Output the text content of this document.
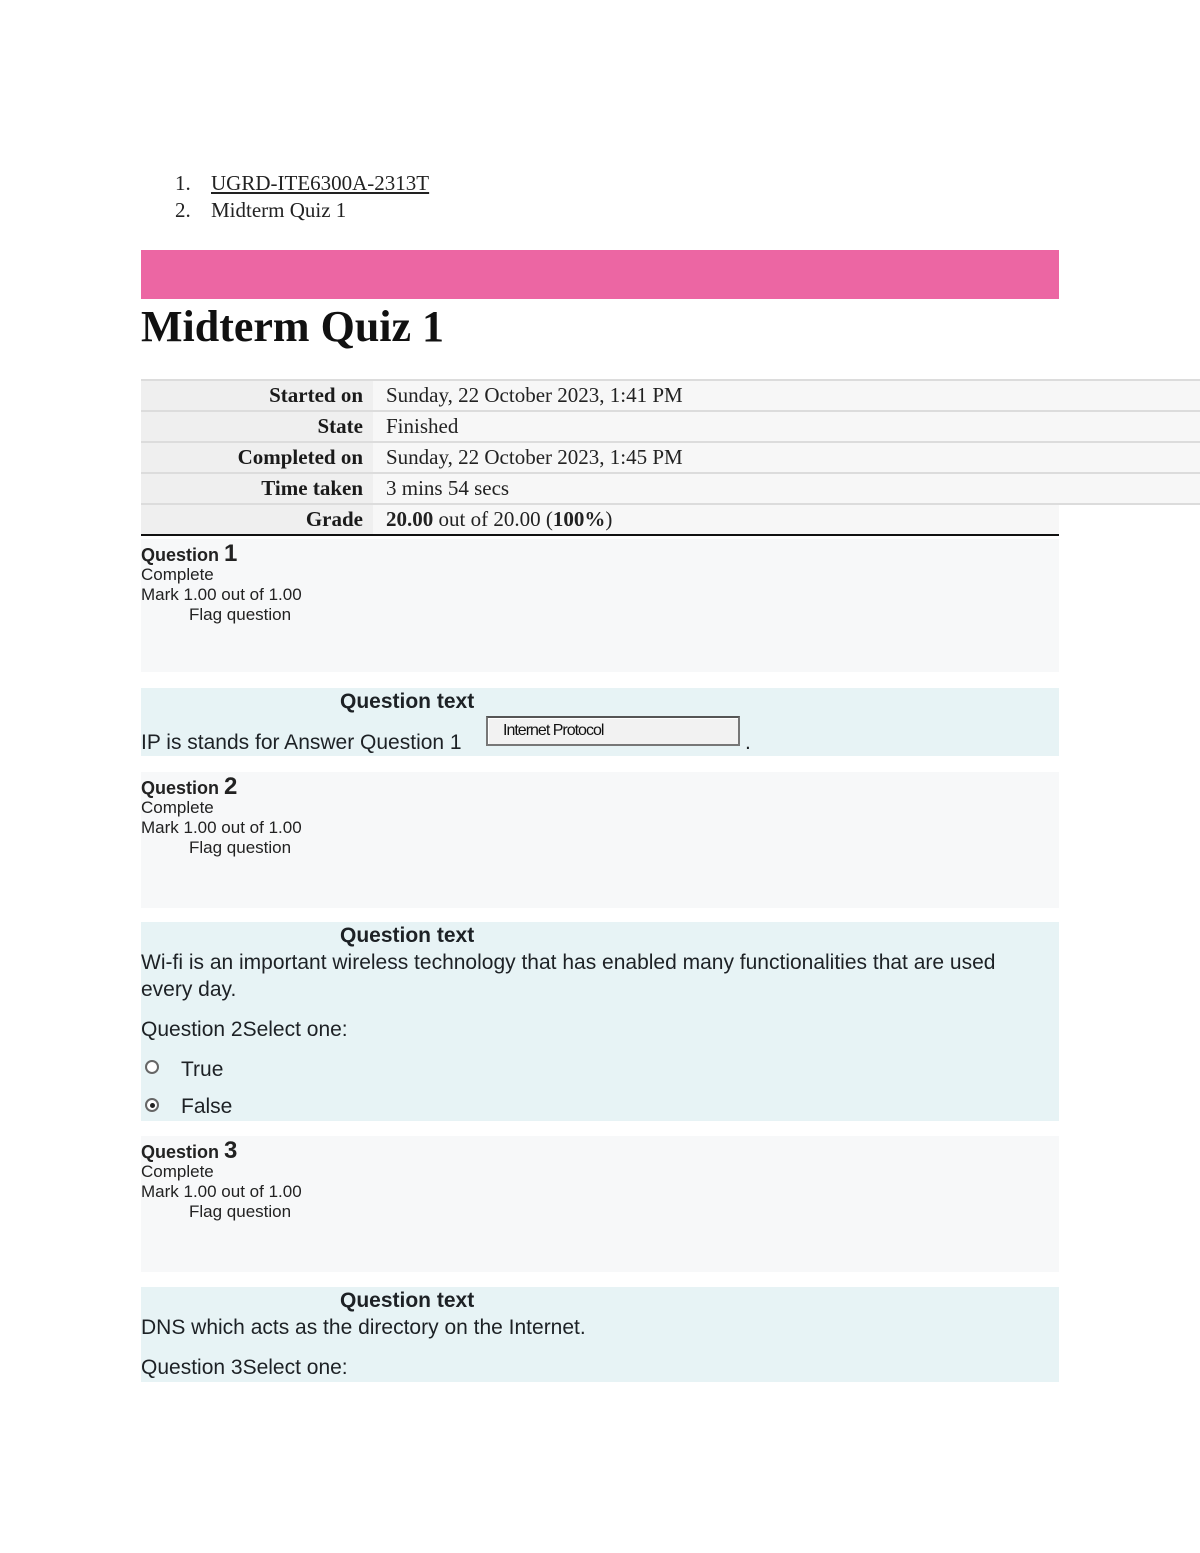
1. UGRD-ITE6300A-2313T
2. Midterm Quiz 1
Midterm Quiz 1
Started on	Sunday, 22 October 2023, 1:41 PM
State	Finished
Completed on	Sunday, 22 October 2023, 1:45 PM
Time taken	3 mins 54 secs
Grade	20.00 out of 20.00 (100%)
Question 1
Complete
Mark 1.00 out of 1.00
Flag question
Question text
IP is stands for Answer Question 1
Internet Protocol
.
Question 2
Complete
Mark 1.00 out of 1.00
Flag question
Question text
Wi-fi is an important wireless technology that has enabled many functionalities that are used
every day.
Question 2Select one:
True
False
Question 3
Complete
Mark 1.00 out of 1.00
Flag question
Question text
DNS which acts as the directory on the Internet.
Question 3Select one:
